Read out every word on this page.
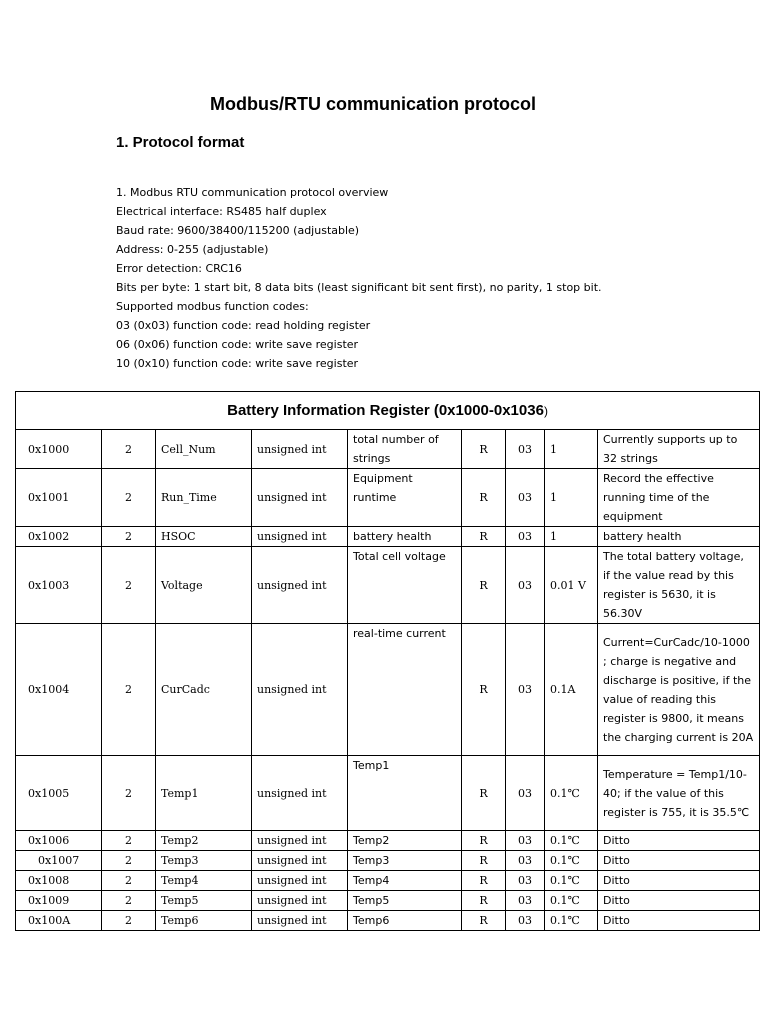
Modbus/RTU communication protocol
1. Protocol format
1. Modbus RTU communication protocol overview
Electrical interface: RS485 half duplex
Baud rate: 9600/38400/115200 (adjustable)
Address: 0-255 (adjustable)
Error detection: CRC16
Bits per byte: 1 start bit, 8 data bits (least significant bit sent first), no parity, 1 stop bit.
Supported modbus function codes:
03 (0x03) function code: read holding register
06 (0x06) function code: write save register
10 (0x10) function code: write save register
Battery Information Register (0x1000-0x1036)								
0x1000	2	Cell_Num	unsigned int	total number of strings	R	03	1	Currently supports up to 32 strings
0x1001	2	Run_Time	unsigned int	Equipment runtime	R	03	1	Record the effective running time of the equipment
0x1002	2	HSOC	unsigned int	battery health	R	03	1	battery health
0x1003	2	Voltage	unsigned int	Total cell voltage	R	03	0.01 V	The total battery voltage, if the value read by this register is 5630, it is 56.30V
0x1004	2	CurCadc	unsigned int	real-time current	R	03	0.1A	Current=CurCadc/10-1000 ; charge is negative and discharge is positive, if the value of reading this register is 9800, it means the charging current is 20A
0x1005	2	Temp1	unsigned int	Temp1	R	03	0.1℃	Temperature = Temp1/10-40; if the value of this register is 755, it is 35.5℃
0x1006	2	Temp2	unsigned int	Temp2	R	03	0.1℃	Ditto
0x1007	2	Temp3	unsigned int	Temp3	R	03	0.1℃	Ditto
0x1008	2	Temp4	unsigned int	Temp4	R	03	0.1℃	Ditto
0x1009	2	Temp5	unsigned int	Temp5	R	03	0.1℃	Ditto
0x100A	2	Temp6	unsigned int	Temp6	R	03	0.1℃	Ditto
